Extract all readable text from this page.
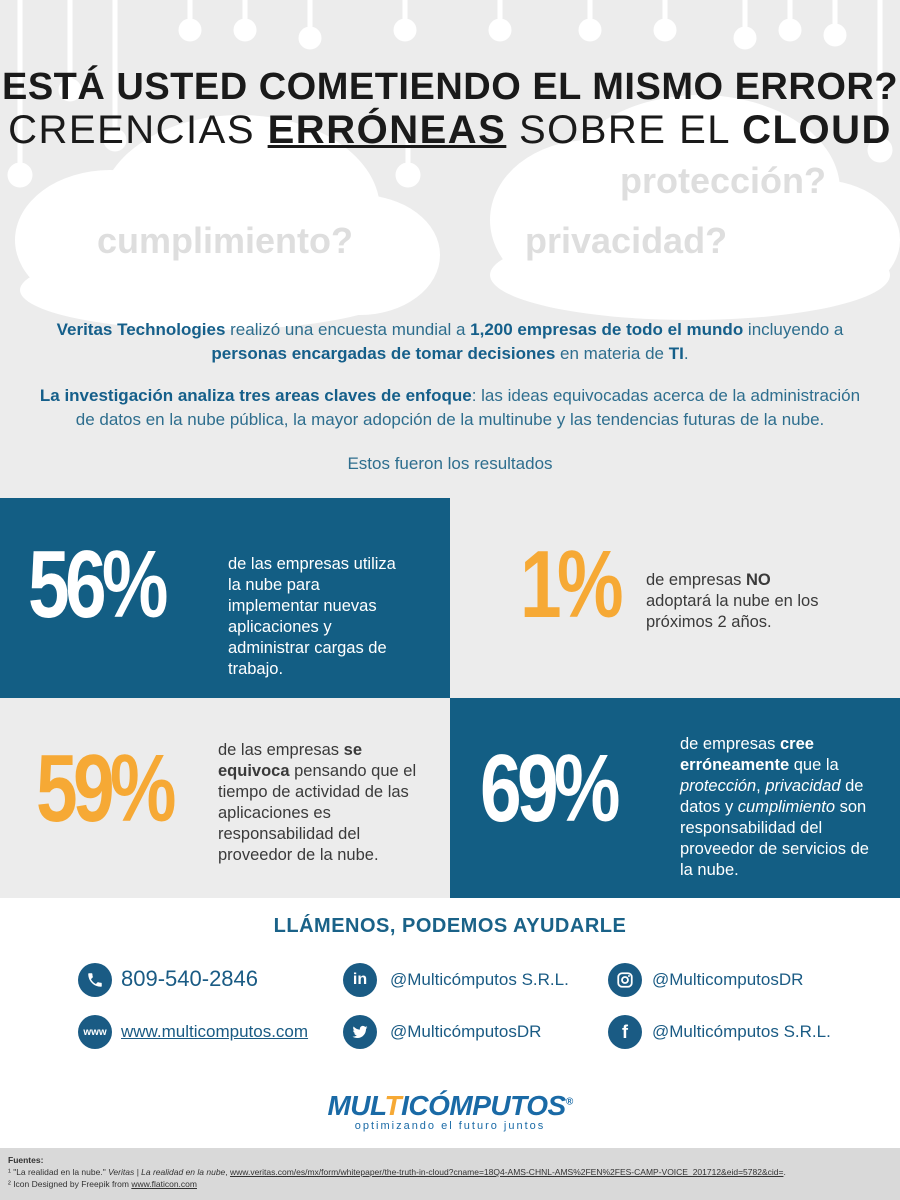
cumplimiento?
protección?
privacidad?
ESTÁ USTED COMETIENDO EL MISMO ERROR?
CREENCIAS ERRÓNEAS SOBRE EL CLOUD
Veritas Technologies realizó una encuesta mundial a 1,200 empresas de todo el mundo incluyendo a
personas encargadas de tomar decisiones en materia de TI.
La investigación analiza tres areas claves de enfoque: las ideas equivocadas acerca de la administración
de datos en la nube pública, la mayor adopción de la multinube y las tendencias futuras de la nube.
Estos fueron los resultados
56%	de las empresas utiliza la nube para implementar nuevas aplicaciones y administrar cargas de trabajo.
1% de empresas NO adoptará la nube en los próximos 2 años.
59%	de las empresas se equivoca pensando que el tiempo de actividad de las aplicaciones es responsabilidad del proveedor de la nube.
69%	de empresas cree erróneamente que la protección, privacidad de datos y cumplimiento son responsabilidad del proveedor de servicios de la nube.
LLÁMENOS, PODEMOS AYUDARLE
809-540-2846	in @Multicómputos S.R.L.	@MulticomputosDR
www www.multicomputos.com	@MulticómputosDR	f @Multicómputos S.R.L.
MULTICÓMPUTOS®
optimizando el futuro juntos
Fuentes:
¹ "La realidad en la nube." Veritas | La realidad en la nube, www.veritas.com/es/mx/form/whitepaper/the-truth-in-cloud?cname=18Q4-AMS-CHNL-AMS%2FEN%2FES-CAMP-VOICE_201712&eid=5782&cid=.
² Icon Designed by Freepik from www.flaticon.com
